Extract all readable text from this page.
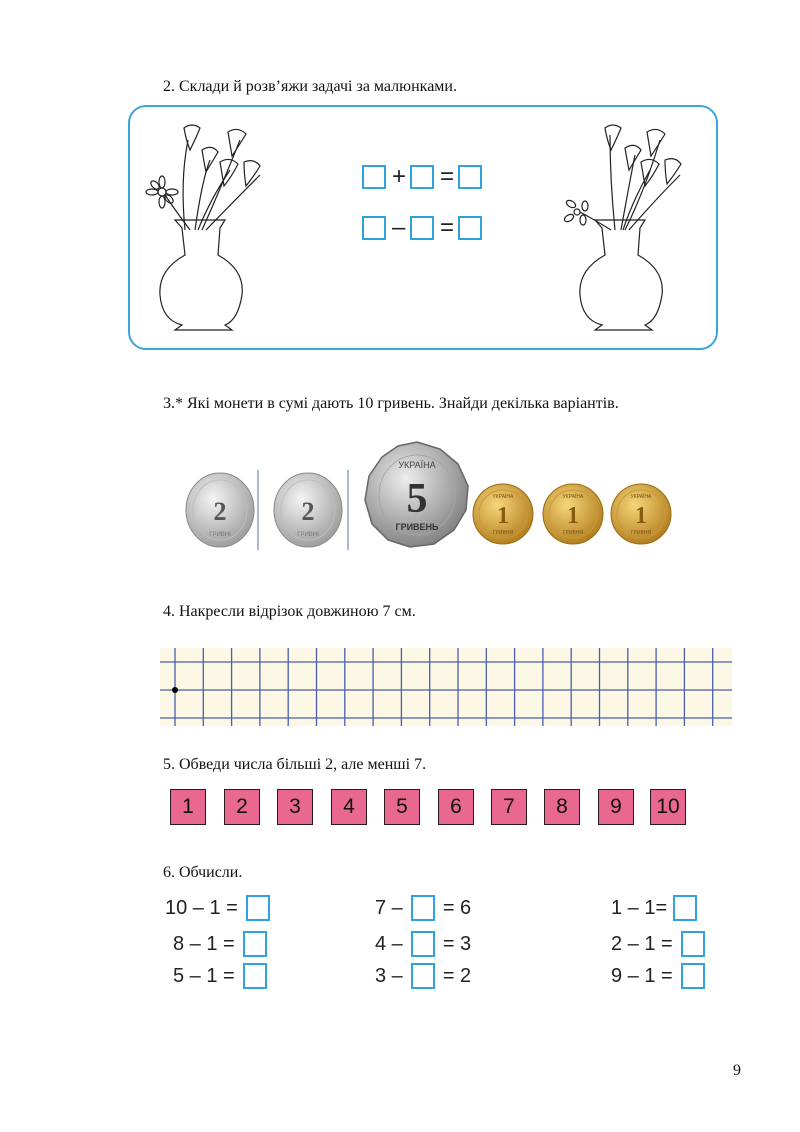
2. Склади й розв’яжи задачі за малюнками.

+ =
– =

3.* Які монети в сумі дають 10 гривень. Знайди декілька варіантів.

2
ГРИВНІ
2
ГРИВНІ
УКРАЇНА
5
ГРИВЕНЬ
УКРАЇНА
1
ГРИВНЯ
УКРАЇНА
1
ГРИВНЯ
УКРАЇНА
1
ГРИВНЯ

4. Накресли відрізок довжиною 7 см.

5. Обведи числа більші 2, але менші 7.

1	2	3	4	5	6	7	8	9	10

6. Обчисли.

10 – 1 =
8 – 1 =
5 – 1 =
7 – = 6
4 – = 3
3 – = 2
1 – 1=
2 – 1 =
9 – 1 =
9
